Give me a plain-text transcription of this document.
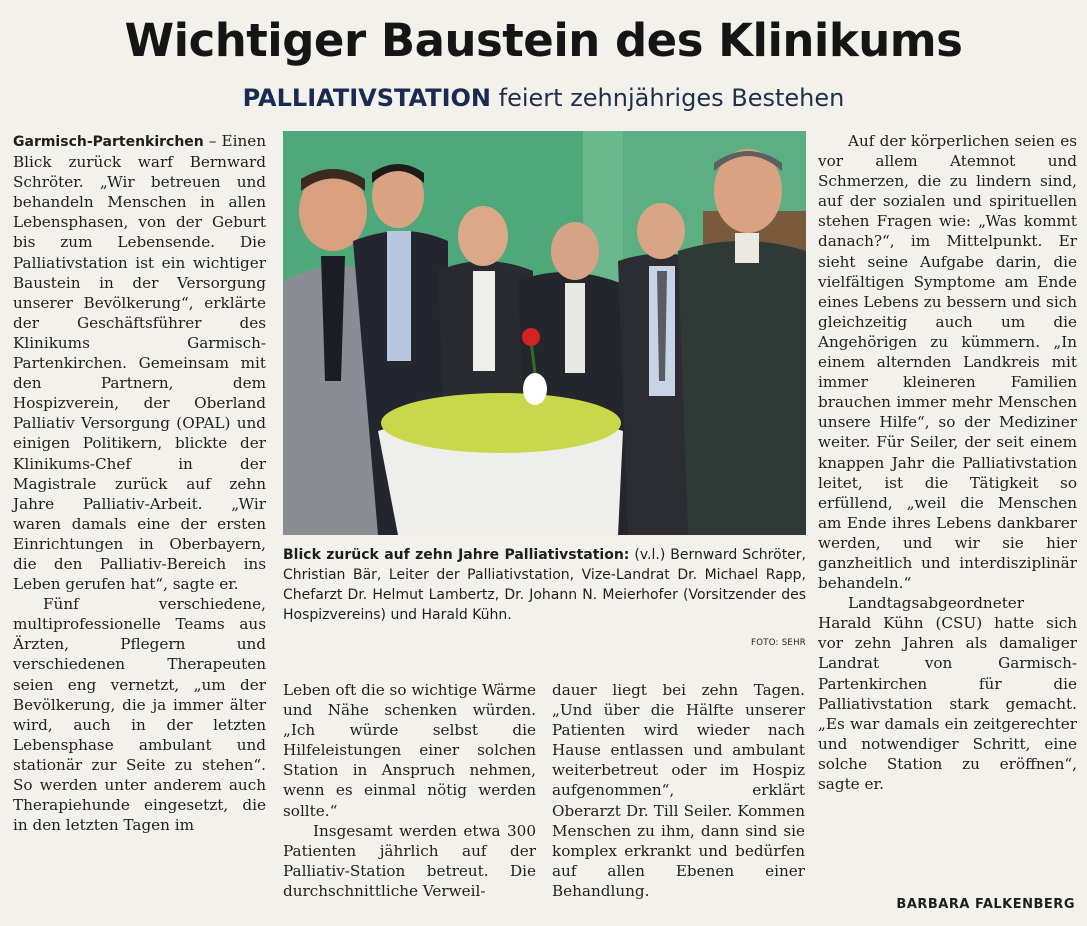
Wichtiger Baustein des Klinikums
PALLIATIVSTATION feiert zehnjähriges Bestehen

Garmisch-Partenkirchen – Einen Blick zurück warf Bernward Schröter. „Wir betreuen und behandeln Menschen in allen Lebensphasen, von der Geburt bis zum Lebensende. Die Palliativstation ist ein wichtiger Baustein in der Versorgung unserer Bevölkerung“, erklärte der Geschäftsführer des Klinikums Garmisch-Partenkirchen. Gemeinsam mit den Partnern, dem Hospizverein, der Oberland Palliativ Versorgung (OPAL) und einigen Politikern, blickte der Klinikums-Chef in der Magistrale zurück auf zehn Jahre Palliativ-Arbeit. „Wir waren damals eine der ersten Einrichtungen in Oberbayern, die den Palliativ-Bereich ins Leben gerufen hat“, sagte er.

Fünf verschiedene, multiprofessionelle Teams aus Ärzten, Pflegern und verschiedenen Therapeuten seien eng vernetzt, „um der Bevölkerung, die ja immer älter wird, auch in der letzten Lebensphase ambulant und stationär zur Seite zu stehen“. So werden unter anderem auch Therapiehunde eingesetzt, die in den letzten Tagen im

Blick zurück auf zehn Jahre Palliativstation: (v.l.) Bernward Schröter, Christian Bär, Leiter der Palliativstation, Vize-Landrat Dr. Michael Rapp, Chefarzt Dr. Helmut Lambertz, Dr. Johann N. Meierhofer (Vorsitzender des Hospizvereins) und Harald Kühn.
FOTO: SEHR

Leben oft die so wichtige Wärme und Nähe schenken würden. „Ich würde selbst die Hilfeleistungen einer solchen Station in Anspruch nehmen, wenn es einmal nötig werden sollte.“

Insgesamt werden etwa 300 Patienten jährlich auf der Palliativ-Station betreut. Die durchschnittliche Verweil-

dauer liegt bei zehn Tagen. „Und über die Hälfte unserer Patienten wird wieder nach Hause entlassen und ambulant weiterbetreut oder im Hospiz aufgenommen“, erklärt Oberarzt Dr. Till Seiler. Kommen Menschen zu ihm, dann sind sie komplex erkrankt und bedürfen auf allen Ebenen einer Behandlung.

Auf der körperlichen seien es vor allem Atemnot und Schmerzen, die zu lindern sind, auf der sozialen und spirituellen stehen Fragen wie: „Was kommt danach?“, im Mittelpunkt. Er sieht seine Aufgabe darin, die vielfältigen Symptome am Ende eines Lebens zu bessern und sich gleichzeitig auch um die Angehörigen zu kümmern. „In einem alternden Landkreis mit immer kleineren Familien brauchen immer mehr Menschen unsere Hilfe“, so der Mediziner weiter. Für Seiler, der seit einem knappen Jahr die Palliativstation leitet, ist die Tätigkeit so erfüllend, „weil die Menschen am Ende ihres Lebens dankbarer werden, und wir sie hier ganzheitlich und interdisziplinär behandeln.“

Landtagsabgeordneter Harald Kühn (CSU) hatte sich vor zehn Jahren als damaliger Landrat von Garmisch-Partenkirchen für die Palliativstation stark gemacht. „Es war damals ein zeitgerechter und notwendiger Schritt, eine solche Station zu eröffnen“, sagte er.

BARBARA FALKENBERG
